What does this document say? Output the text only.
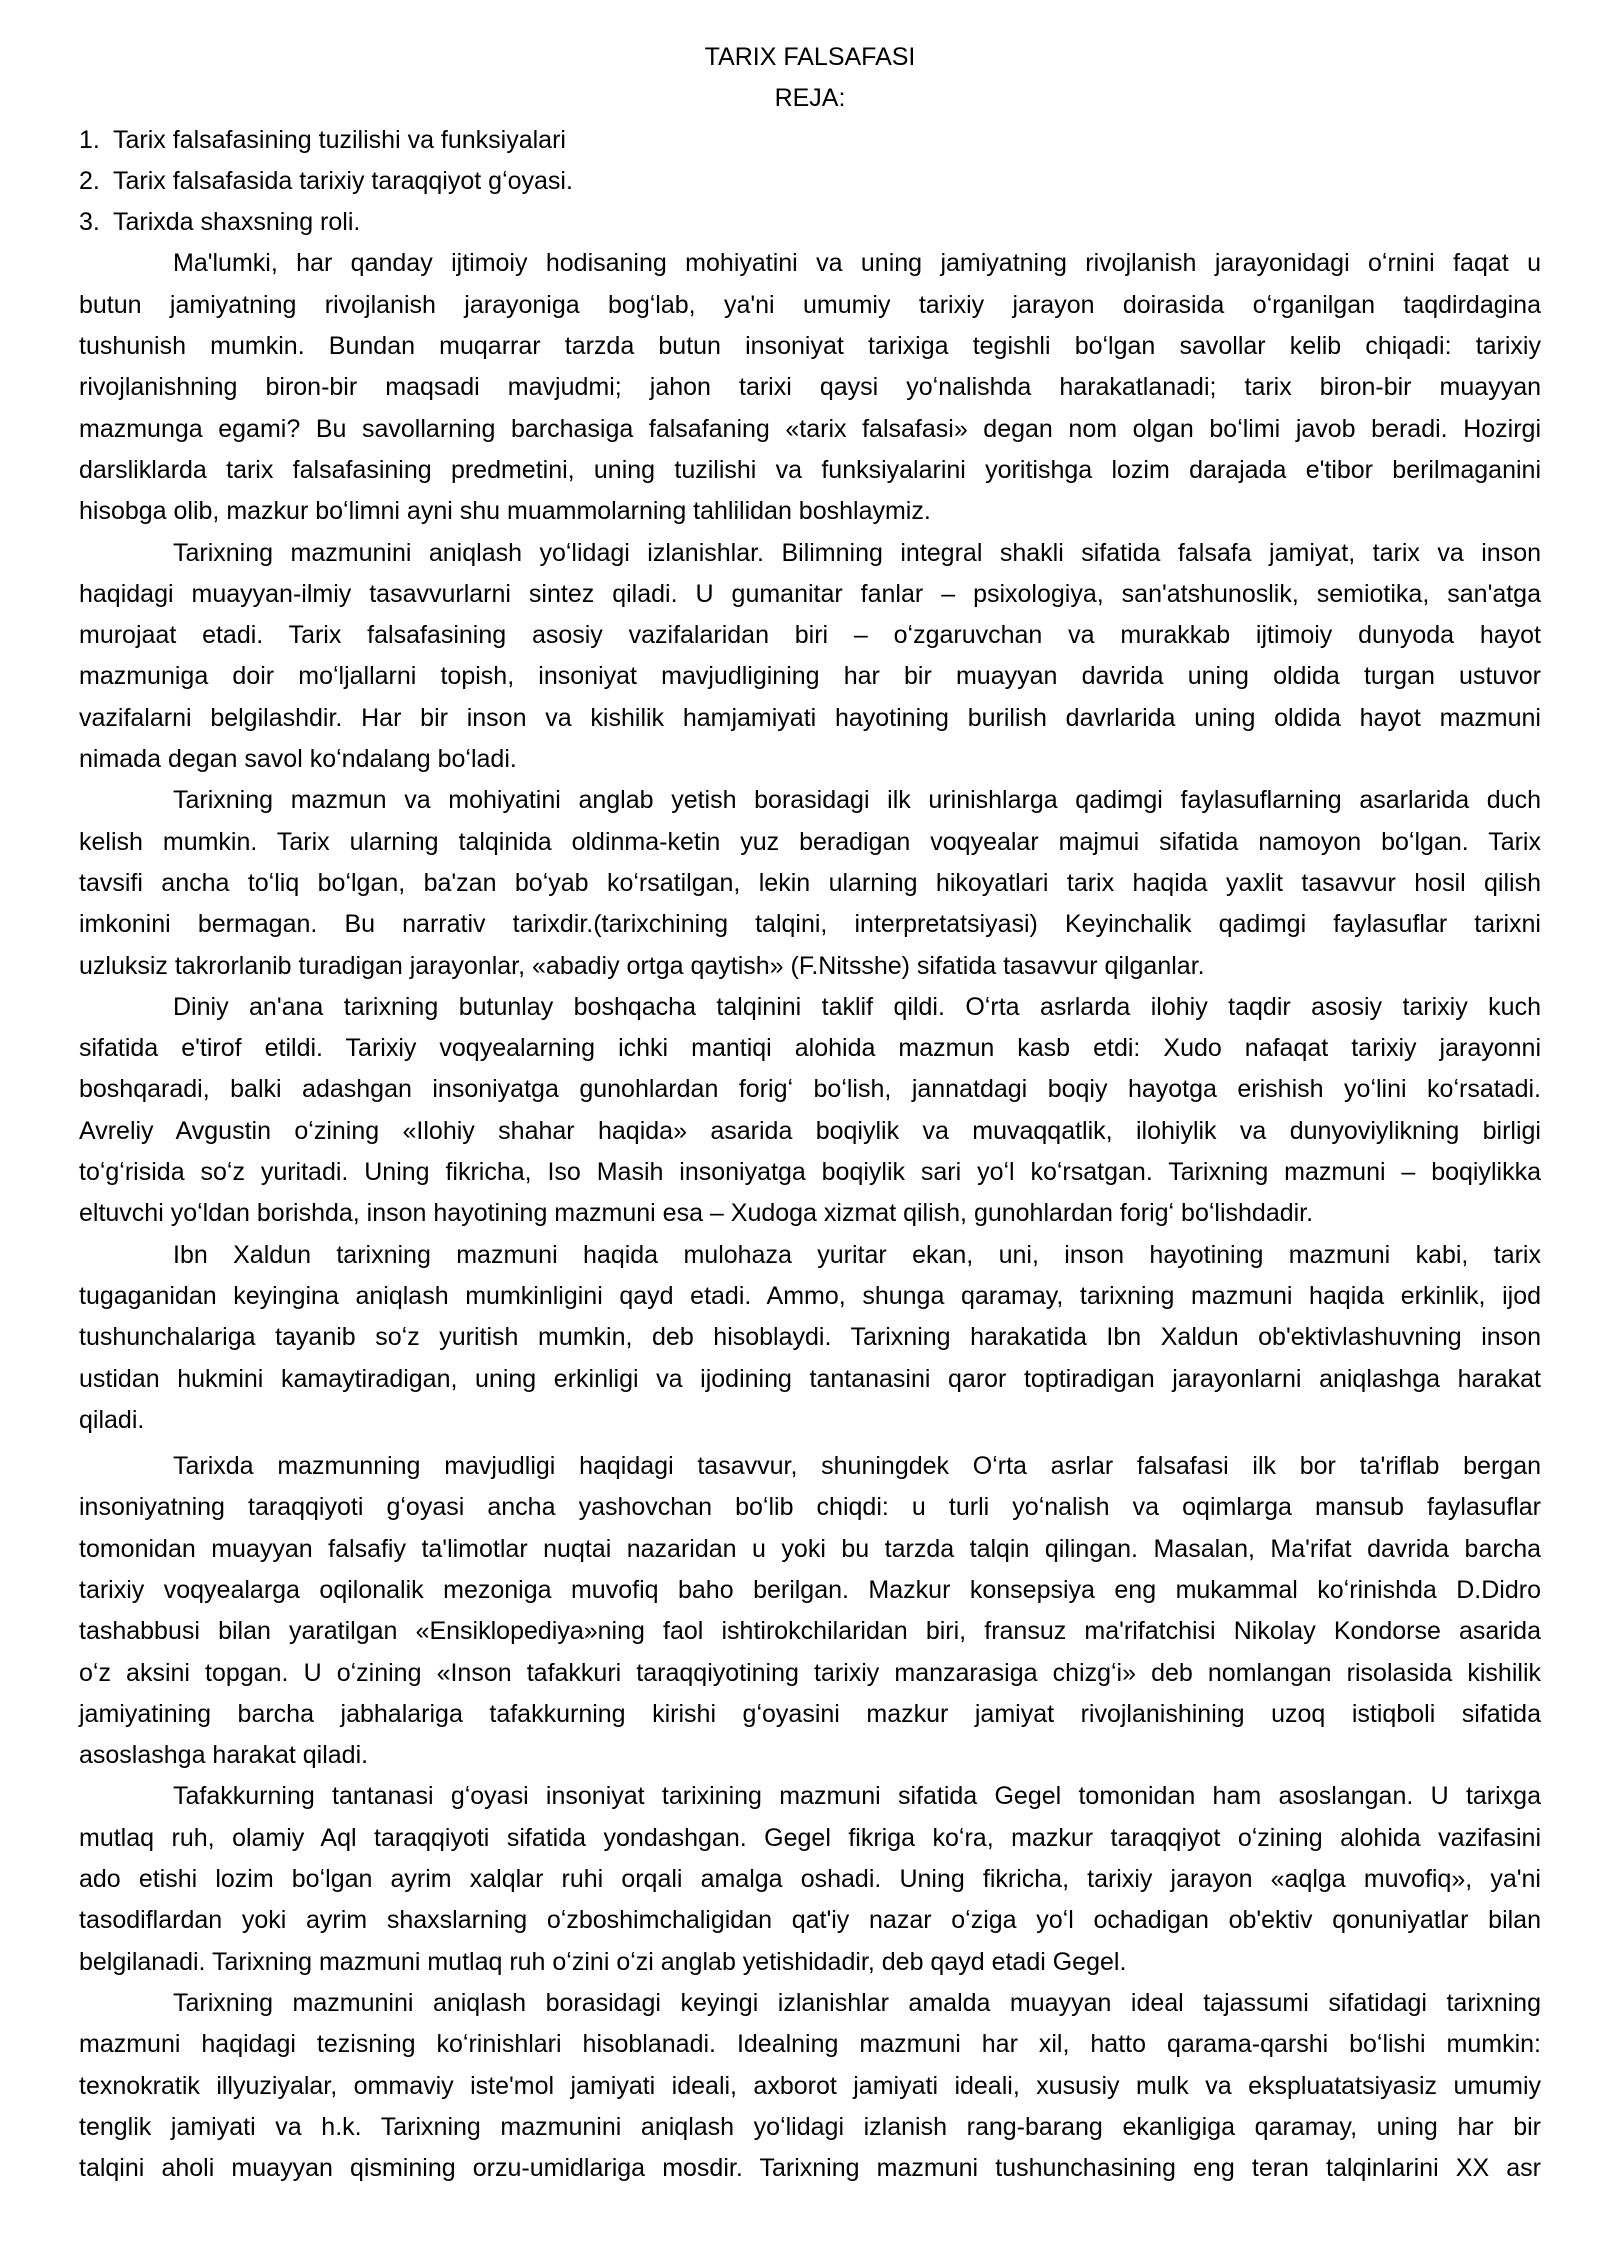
TARIX FALSAFASI
REJA:
1. Tarix falsafasining tuzilishi va funksiyalari
2. Tarix falsafasida tarixiy taraqqiyot gʻoyasi.
3. Tarixda shaxsning roli.
Ma'lumki, har qanday ijtimoiy hodisaning mohiyatini va uning jamiyatning rivojlanish jarayonidagi oʻrnini faqat u
butun jamiyatning rivojlanish jarayoniga bogʻlab, ya'ni umumiy tarixiy jarayon doirasida oʻrganilgan taqdirdagina
tushunish mumkin. Bundan muqarrar tarzda butun insoniyat tarixiga tegishli boʻlgan savollar kelib chiqadi: tarixiy
rivojlanishning biron-bir maqsadi mavjudmi; jahon tarixi qaysi yoʻnalishda harakatlanadi; tarix biron-bir muayyan
mazmunga egami? Bu savollarning barchasiga falsafaning «tarix falsafasi» degan nom olgan boʻlimi javob beradi. Hozirgi
darsliklarda tarix falsafasining predmetini, uning tuzilishi va funksiyalarini yoritishga lozim darajada e'tibor berilmaganini
hisobga olib, mazkur boʻlimni ayni shu muammolarning tahlilidan boshlaymiz.
Tarixning mazmunini aniqlash yoʻlidagi izlanishlar. Bilimning integral shakli sifatida falsafa jamiyat, tarix va inson
haqidagi muayyan-ilmiy tasavvurlarni sintez qiladi. U gumanitar fanlar – psixologiya, san'atshunoslik, semiotika, san'atga
murojaat etadi. Tarix falsafasining asosiy vazifalaridan biri – oʻzgaruvchan va murakkab ijtimoiy dunyoda hayot
mazmuniga doir moʻljallarni topish, insoniyat mavjudligining har bir muayyan davrida uning oldida turgan ustuvor
vazifalarni belgilashdir. Har bir inson va kishilik hamjamiyati hayotining burilish davrlarida uning oldida hayot mazmuni
nimada degan savol koʻndalang boʻladi.
Tarixning mazmun va mohiyatini anglab yetish borasidagi ilk urinishlarga qadimgi faylasuflarning asarlarida duch
kelish mumkin. Tarix ularning talqinida oldinma-ketin yuz beradigan voqyealar majmui sifatida namoyon boʻlgan. Tarix
tavsifi ancha toʻliq boʻlgan, ba'zan boʻyab koʻrsatilgan, lekin ularning hikoyatlari tarix haqida yaxlit tasavvur hosil qilish
imkonini bermagan. Bu narrativ tarixdir.(tarixchining talqini, interpretatsiyasi) Keyinchalik qadimgi faylasuflar tarixni
uzluksiz takrorlanib turadigan jarayonlar, «abadiy ortga qaytish» (F.Nitsshe) sifatida tasavvur qilganlar.
Diniy an'ana tarixning butunlay boshqacha talqinini taklif qildi. Oʻrta asrlarda ilohiy taqdir asosiy tarixiy kuch
sifatida e'tirof etildi. Tarixiy voqyealarning ichki mantiqi alohida mazmun kasb etdi: Xudo nafaqat tarixiy jarayonni
boshqaradi, balki adashgan insoniyatga gunohlardan forigʻ boʻlish, jannatdagi boqiy hayotga erishish yoʻlini koʻrsatadi.
Avreliy Avgustin oʻzining «Ilohiy shahar haqida» asarida boqiylik va muvaqqatlik, ilohiylik va dunyoviylikning birligi
toʻgʻrisida soʻz yuritadi. Uning fikricha, Iso Masih insoniyatga boqiylik sari yoʻl koʻrsatgan. Tarixning mazmuni – boqiylikka
eltuvchi yoʻldan borishda, inson hayotining mazmuni esa – Xudoga xizmat qilish, gunohlardan forigʻ boʻlishdadir.
Ibn Xaldun tarixning mazmuni haqida mulohaza yuritar ekan, uni, inson hayotining mazmuni kabi, tarix
tugaganidan keyingina aniqlash mumkinligini qayd etadi. Ammo, shunga qaramay, tarixning mazmuni haqida erkinlik, ijod
tushunchalariga tayanib soʻz yuritish mumkin, deb hisoblaydi. Tarixning harakatida Ibn Xaldun ob'ektivlashuvning inson
ustidan hukmini kamaytiradigan, uning erkinligi va ijodining tantanasini qaror toptiradigan jarayonlarni aniqlashga harakat
qiladi.
Tarixda mazmunning mavjudligi haqidagi tasavvur, shuningdek Oʻrta asrlar falsafasi ilk bor ta'riflab bergan
insoniyatning taraqqiyoti gʻoyasi ancha yashovchan boʻlib chiqdi: u turli yoʻnalish va oqimlarga mansub faylasuflar
tomonidan muayyan falsafiy ta'limotlar nuqtai nazaridan u yoki bu tarzda talqin qilingan. Masalan, Ma'rifat davrida barcha
tarixiy voqyealarga oqilonalik mezoniga muvofiq baho berilgan. Mazkur konsepsiya eng mukammal koʻrinishda D.Didro
tashabbusi bilan yaratilgan «Ensiklopediya»ning faol ishtirokchilaridan biri, fransuz ma'rifatchisi Nikolay Kondorse asarida
oʻz aksini topgan. U oʻzining «Inson tafakkuri taraqqiyotining tarixiy manzarasiga chizgʻi» deb nomlangan risolasida kishilik
jamiyatining barcha jabhalariga tafakkurning kirishi gʻoyasini mazkur jamiyat rivojlanishining uzoq istiqboli sifatida
asoslashga harakat qiladi.
Tafakkurning tantanasi gʻoyasi insoniyat tarixining mazmuni sifatida Gegel tomonidan ham asoslangan. U tarixga
mutlaq ruh, olamiy Aql taraqqiyoti sifatida yondashgan. Gegel fikriga koʻra, mazkur taraqqiyot oʻzining alohida vazifasini
ado etishi lozim boʻlgan ayrim xalqlar ruhi orqali amalga oshadi. Uning fikricha, tarixiy jarayon «aqlga muvofiq», ya'ni
tasodiflardan yoki ayrim shaxslarning oʻzboshimchaligidan qat'iy nazar oʻziga yoʻl ochadigan ob'ektiv qonuniyatlar bilan
belgilanadi. Tarixning mazmuni mutlaq ruh oʻzini oʻzi anglab yetishidadir, deb qayd etadi Gegel.
Tarixning mazmunini aniqlash borasidagi keyingi izlanishlar amalda muayyan ideal tajassumi sifatidagi tarixning
mazmuni haqidagi tezisning koʻrinishlari hisoblanadi. Idealning mazmuni har xil, hatto qarama-qarshi boʻlishi mumkin:
texnokratik illyuziyalar, ommaviy iste'mol jamiyati ideali, axborot jamiyati ideali, xususiy mulk va ekspluatatsiyasiz umumiy
tenglik jamiyati va h.k. Tarixning mazmunini aniqlash yoʻlidagi izlanish rang-barang ekanligiga qaramay, uning har bir
talqini aholi muayyan qismining orzu-umidlariga mosdir. Tarixning mazmuni tushunchasining eng teran talqinlarini XX asr
